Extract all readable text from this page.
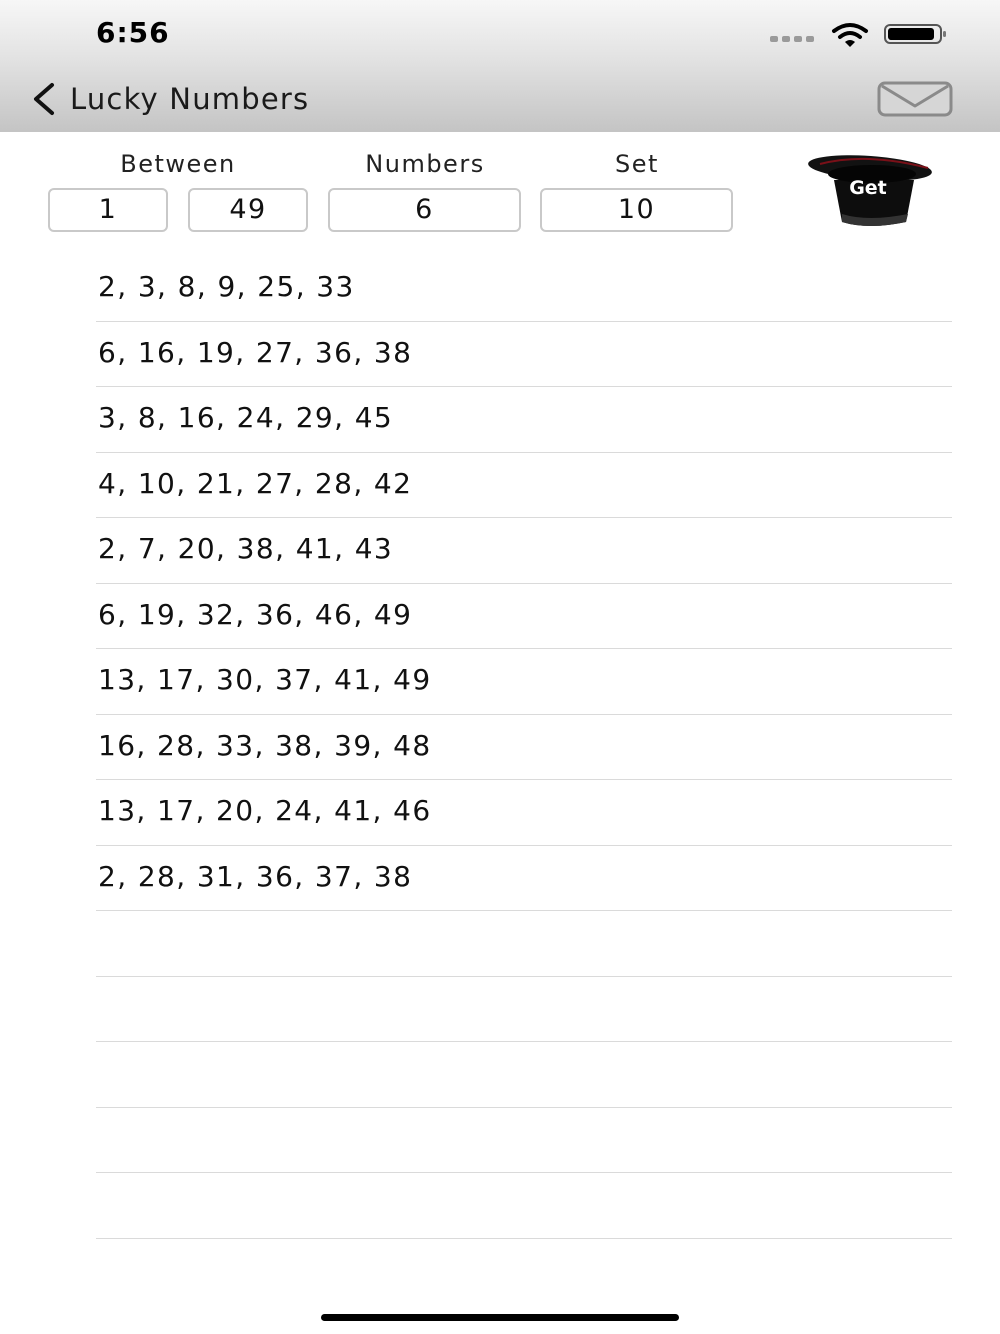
6:56
Lucky Numbers
Between	Numbers	Set
1	49	6	10
Get
2, 3, 8, 9, 25, 33
6, 16, 19, 27, 36, 38
3, 8, 16, 24, 29, 45
4, 10, 21, 27, 28, 42
2, 7, 20, 38, 41, 43
6, 19, 32, 36, 46, 49
13, 17, 30, 37, 41, 49
16, 28, 33, 38, 39, 48
13, 17, 20, 24, 41, 46
2, 28, 31, 36, 37, 38
